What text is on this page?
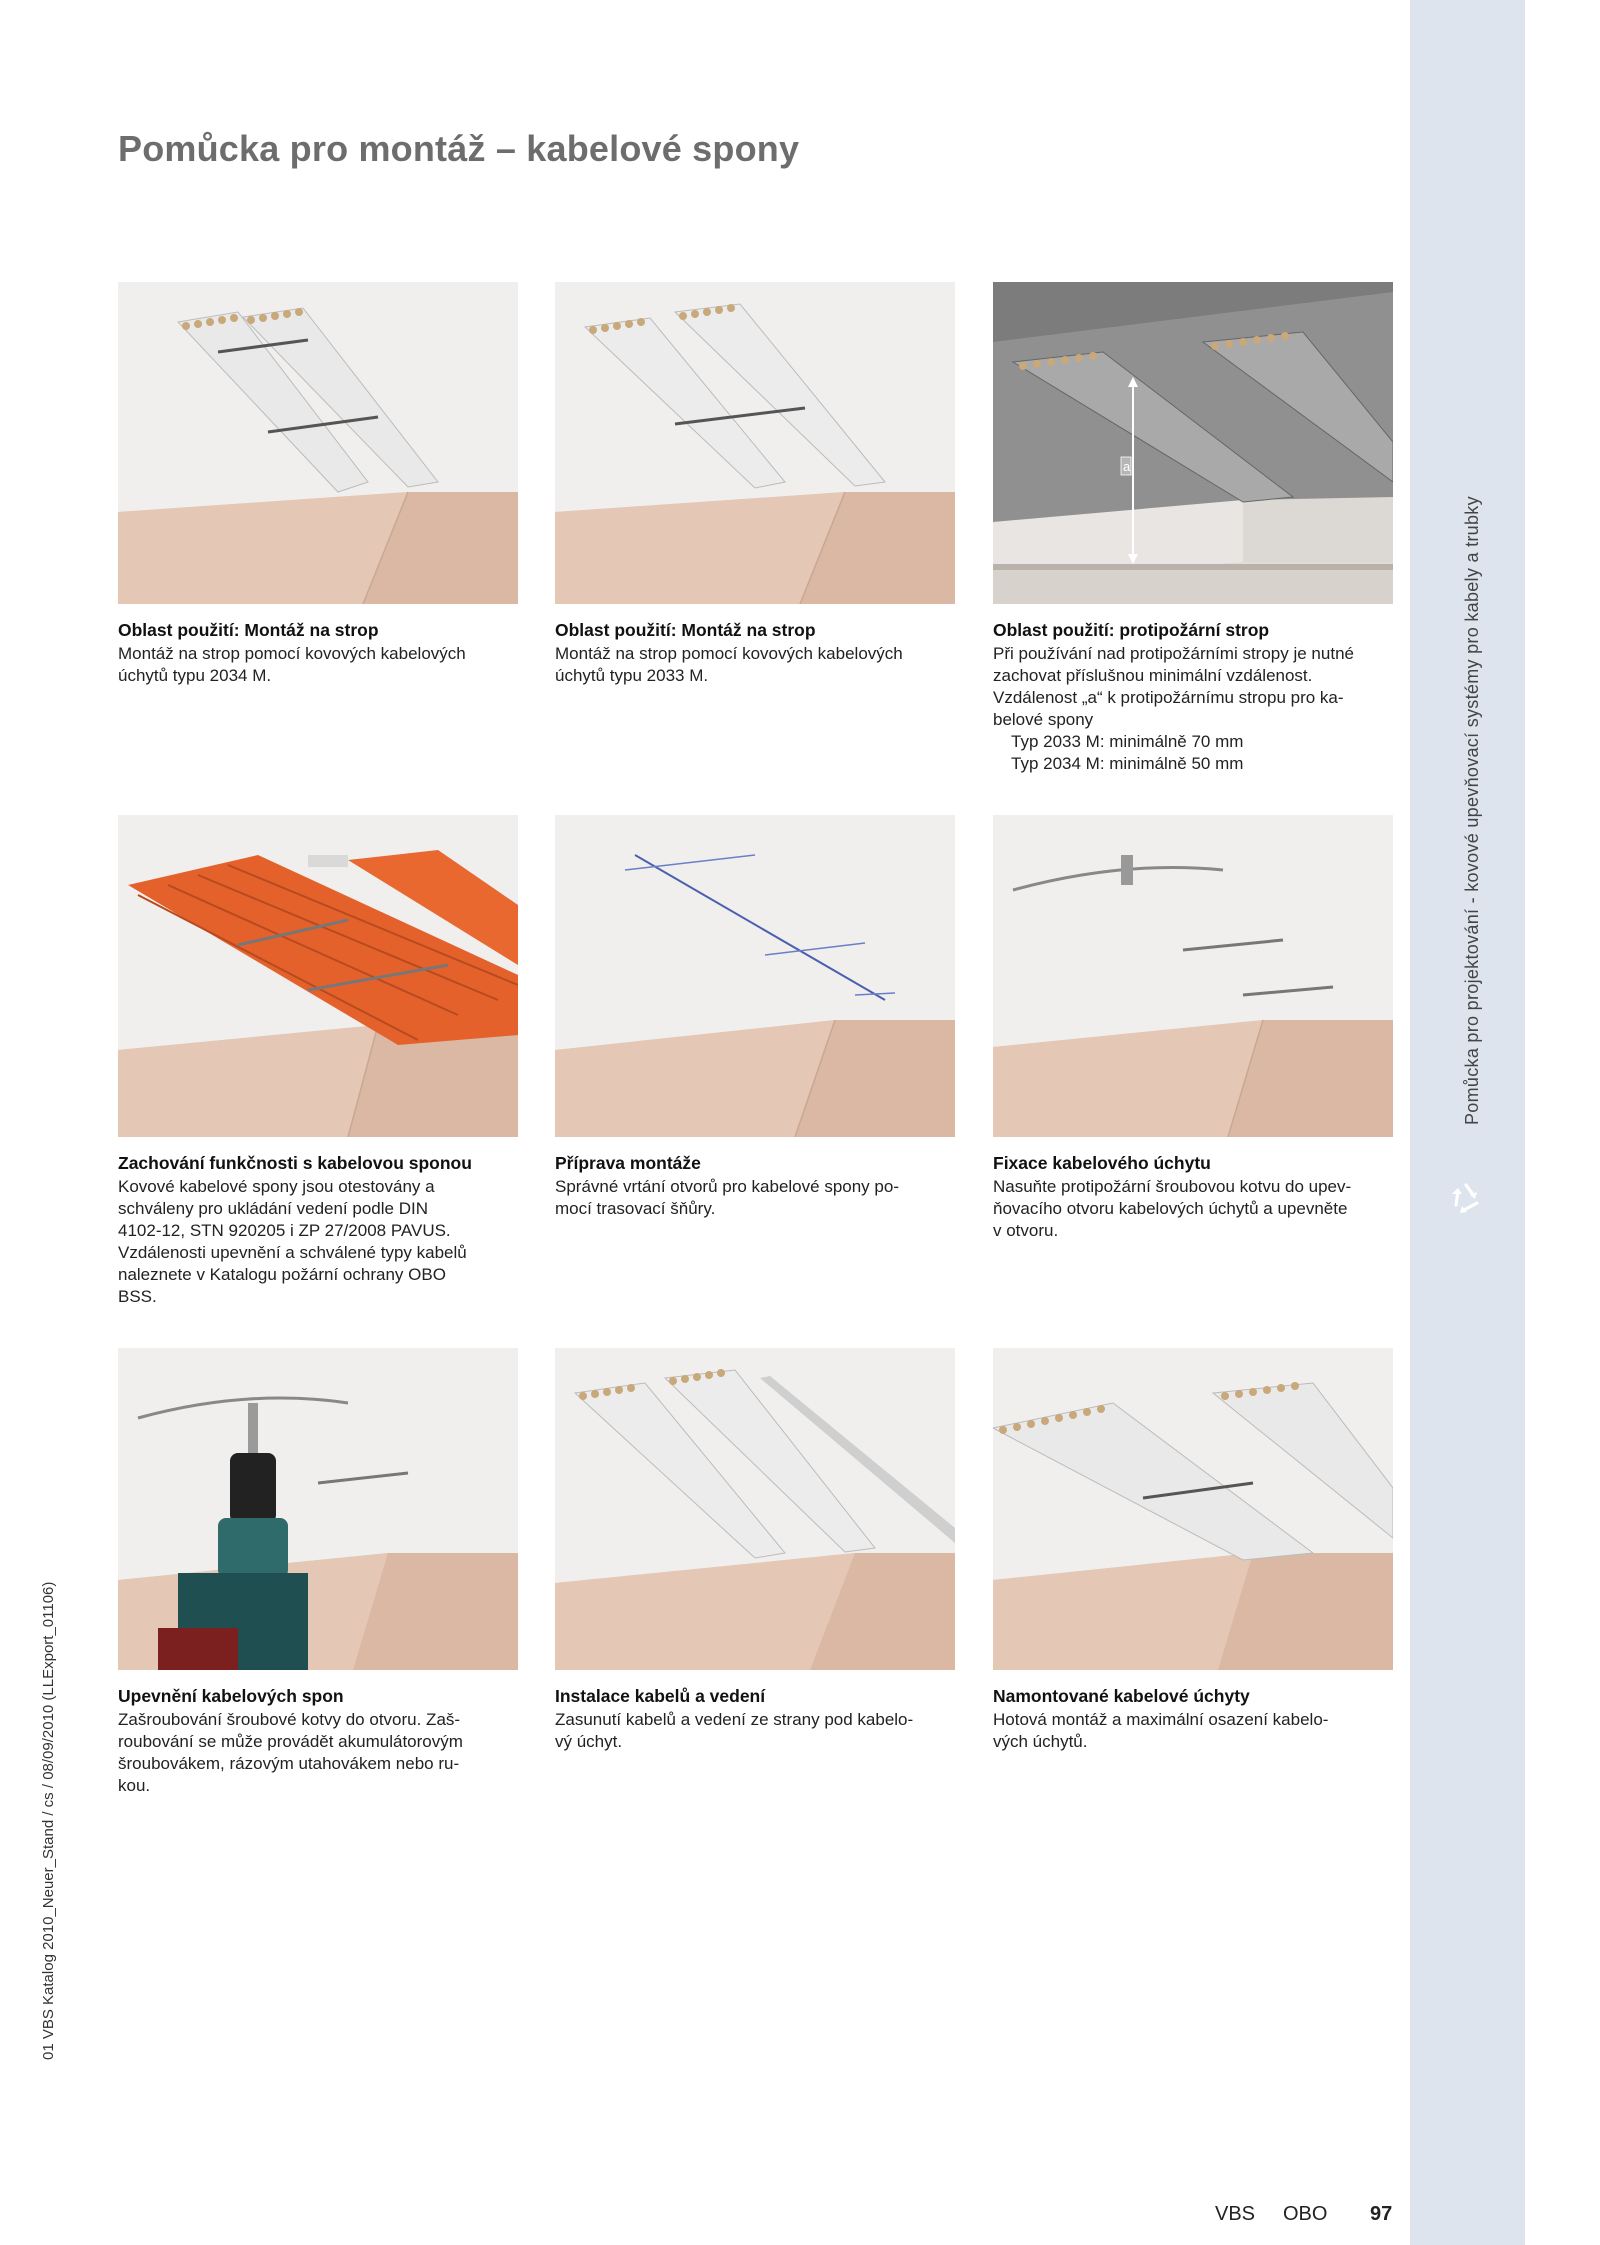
Pomůcka pro montáž – kabelové spony
Pomůcka pro projektování - kovové upevňovací systémy pro kabely a trubky
01 VBS Katalog 2010_Neuer_Stand / cs / 08/09/2010 (LLExport_01106)
Oblast použití: Montáž na strop
Montáž na strop pomocí kovových kabelových
úchytů typu 2034 M.
Oblast použití: Montáž na strop
Montáž na strop pomocí kovových kabelových
úchytů typu 2033 M.
a
Oblast použití: protipožární strop
Při používání nad protipožárními stropy je nutné
zachovat příslušnou minimální vzdálenost.
Vzdálenost „a“ k protipožárnímu stropu pro ka-
belové spony
Typ 2033 M: minimálně 70 mm
Typ 2034 M: minimálně 50 mm
Zachování funkčnosti s kabelovou sponou
Kovové kabelové spony jsou otestovány a
schváleny pro ukládání vedení podle DIN
4102-12, STN 920205 i ZP 27/2008 PAVUS.
Vzdálenosti upevnění a schválené typy kabelů
naleznete v Katalogu požární ochrany OBO
BSS.
Příprava montáže
Správné vrtání otvorů pro kabelové spony po-
mocí trasovací šňůry.
Fixace kabelového úchytu
Nasuňte protipožární šroubovou kotvu do upev-
ňovacího otvoru kabelových úchytů a upevněte
v otvoru.
Upevnění kabelových spon
Zašroubování šroubové kotvy do otvoru. Zaš-
roubování se může provádět akumulátorovým
šroubovákem, rázovým utahovákem nebo ru-
kou.
Instalace kabelů a vedení
Zasunutí kabelů a vedení ze strany pod kabelo-
vý úchyt.
Namontované kabelové úchyty
Hotová montáž a maximální osazení kabelo-
vých úchytů.
VBS OBO 97
